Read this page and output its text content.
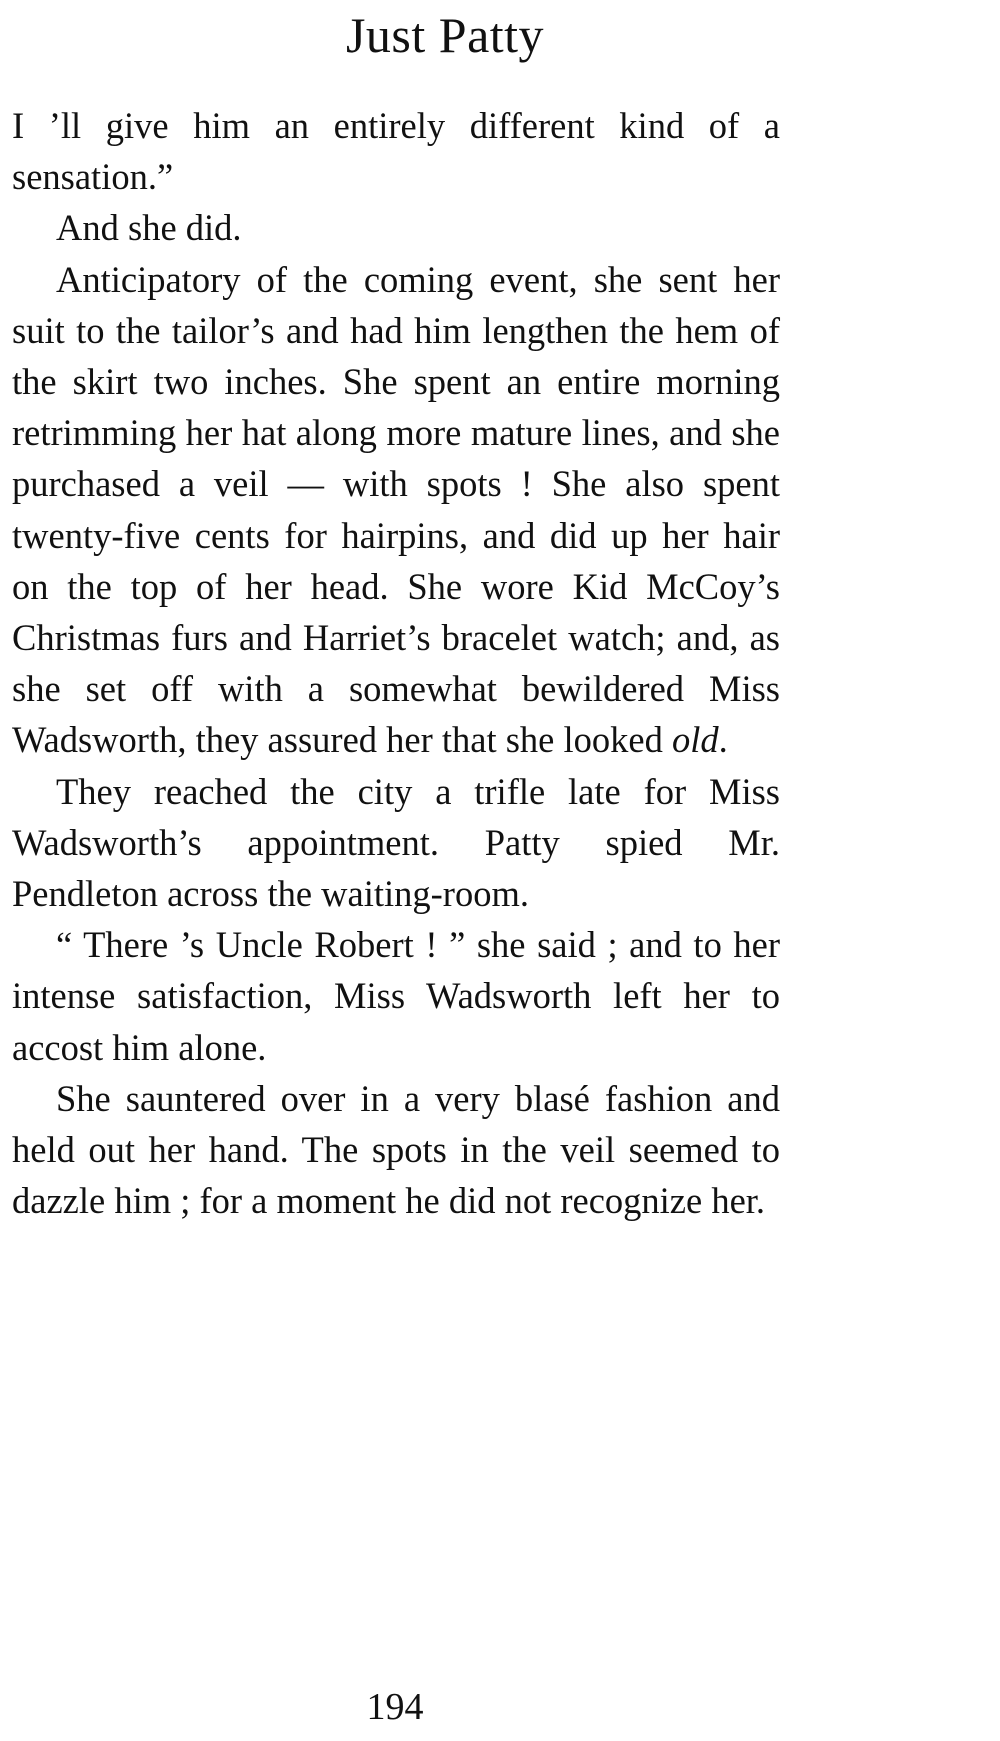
Just Patty

I ’ll give him an entirely different kind of a sensation.”

And she did.

Anticipatory of the coming event, she sent her suit to the tailor’s and had him lengthen the hem of the skirt two inches. She spent an entire morning retrimming her hat along more mature lines, and she purchased a veil — with spots ! She also spent twenty-five cents for hairpins, and did up her hair on the top of her head. She wore Kid McCoy’s Christmas furs and Harriet’s bracelet watch; and, as she set off with a somewhat bewildered Miss Wadsworth, they assured her that she looked old.

They reached the city a trifle late for Miss Wadsworth’s appointment. Patty spied Mr. Pendleton across the waiting-room.

“ There ’s Uncle Robert ! ” she said ; and to her intense satisfaction, Miss Wadsworth left her to accost him alone.

She sauntered over in a very blasé fashion and held out her hand. The spots in the veil seemed to dazzle him ; for a moment he did not recognize her.

194
